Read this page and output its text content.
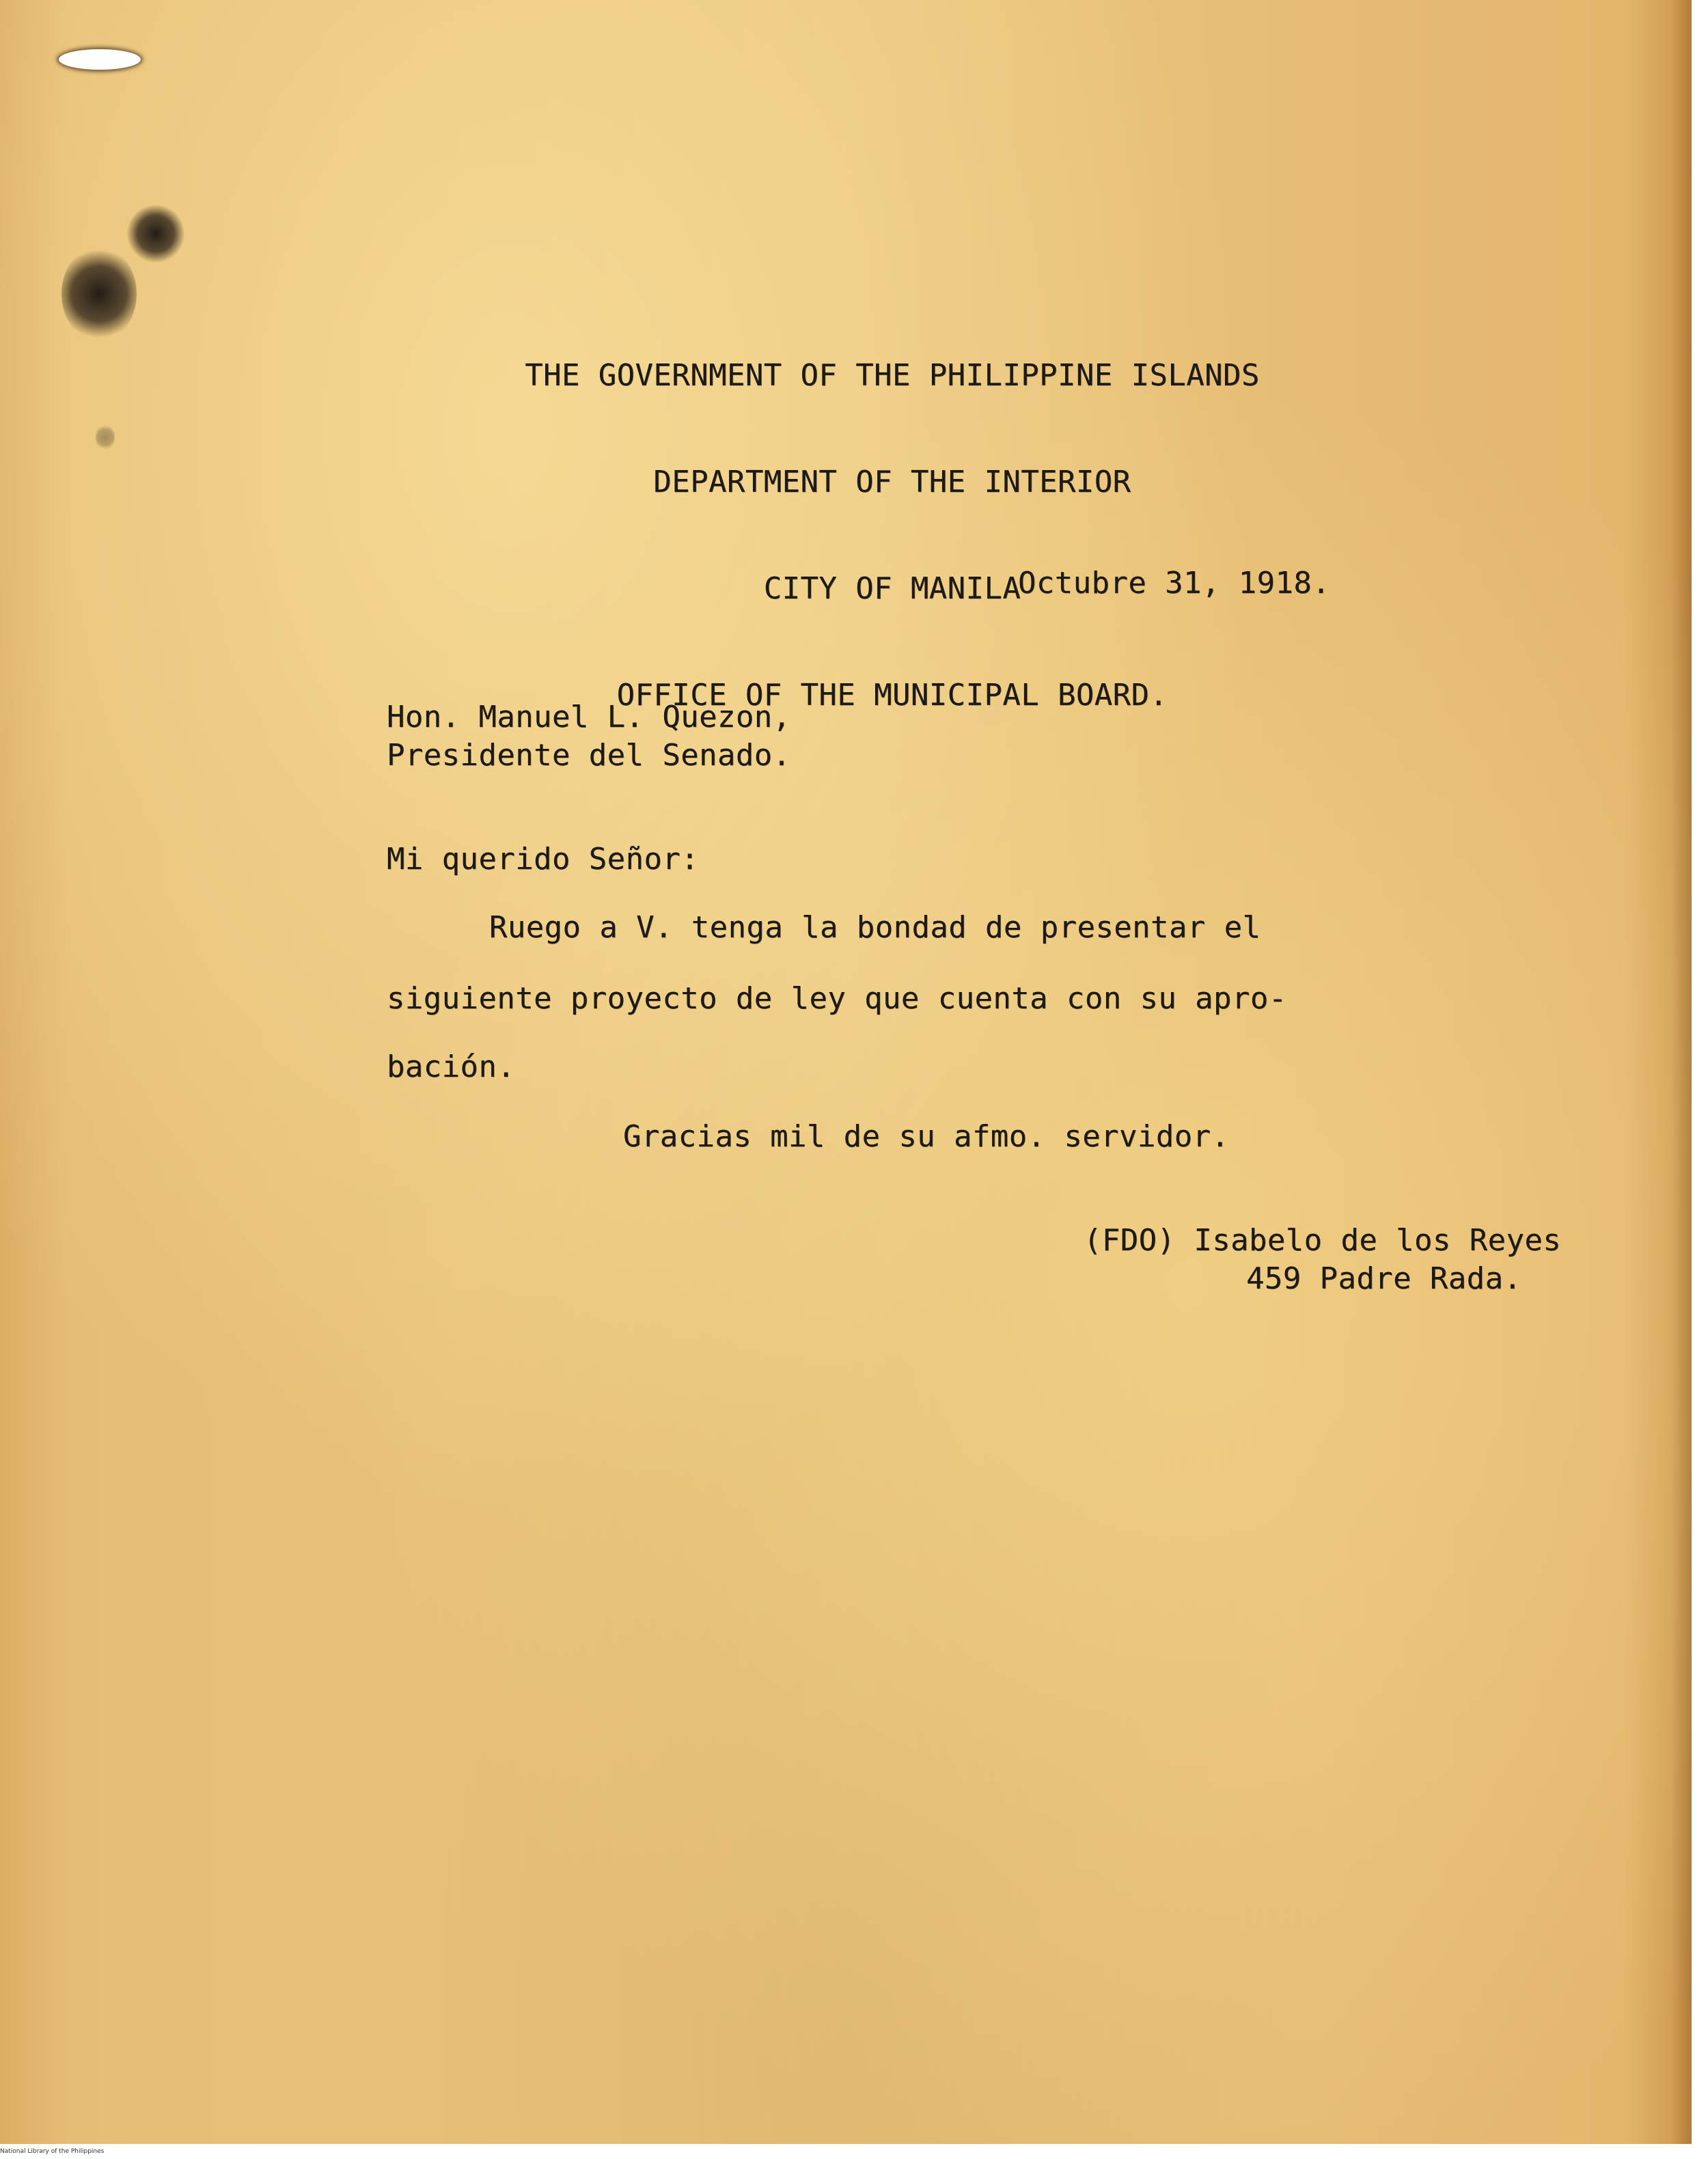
THE GOVERNMENT OF THE PHILIPPINE ISLANDS

DEPARTMENT OF THE INTERIOR

CITY OF MANILA

OFFICE OF THE MUNICIPAL BOARD.

Octubre 31, 1918.

Hon. Manuel L. Quezon,

Presidente del Senado.

Mi querido Señor:

Ruego a V. tenga la bondad de presentar el

siguiente proyecto de ley que cuenta con su apro-

bación.

Gracias mil de su afmo. servidor.

(FDO) Isabelo de los Reyes

459 Padre Rada.

National Library of the Philippines
